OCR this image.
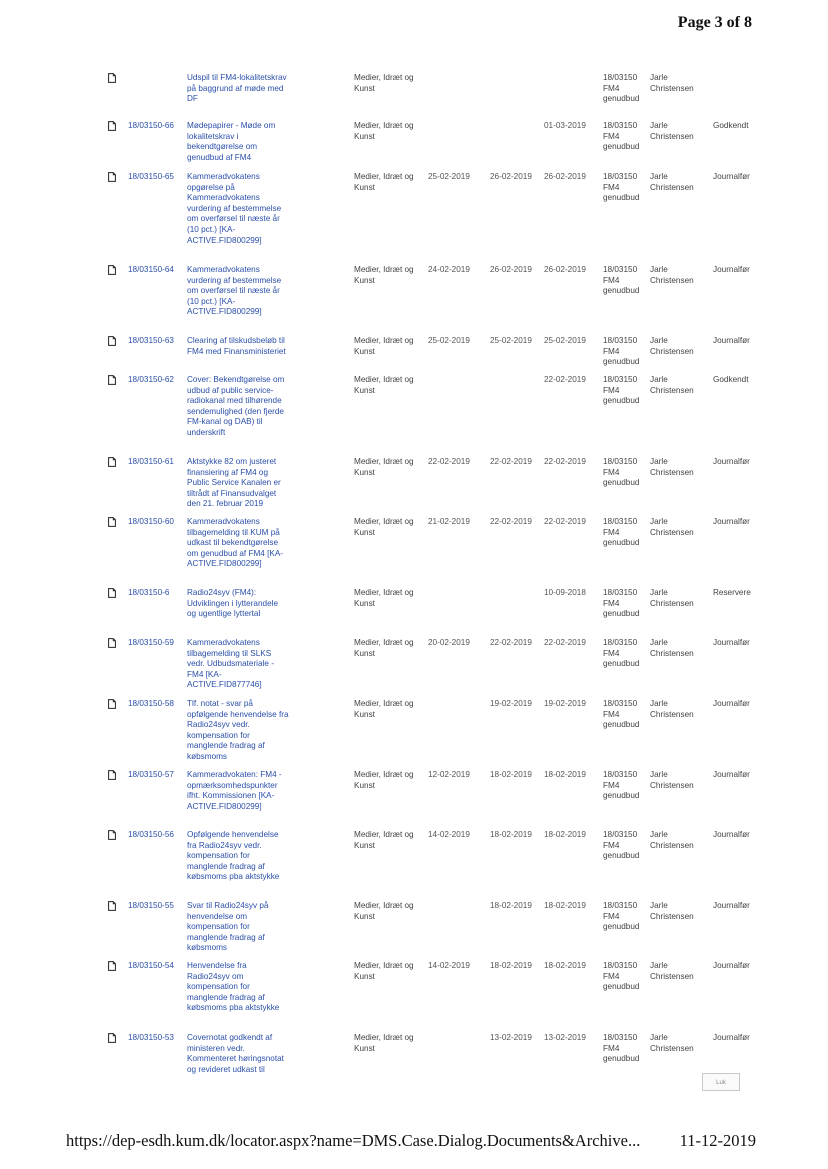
Page 3 of 8
Udspil til FM4-lokalitetskrav på baggrund af møde med DF
Medier, Idræt og Kunst
18/03150 FM4 genudbud
Jarle Christensen
18/03150-66 Mødepapirer - Møde om lokalitetskrav i bekendtgørelse om genudbud af FM4
Medier, Idræt og Kunst
01-03-2019 18/03150 FM4 genudbud
Jarle Christensen
Godkendt
18/03150-65 Kammeradvokatens opgørelse på Kammeradvokatens vurdering af bestemmelse om overførsel til næste år (10 pct.) [KA-ACTIVE.FID800299]
Medier, Idræt og Kunst
25-02-2019 26-02-2019 26-02-2019 18/03150 FM4 genudbud
Jarle Christensen
Journalfør
18/03150-64 Kammeradvokatens vurdering af bestemmelse om overførsel til næste år (10 pct.) [KA-ACTIVE.FID800299]
Medier, Idræt og Kunst
24-02-2019 26-02-2019 26-02-2019 18/03150 FM4 genudbud
Jarle Christensen
Journalfør
18/03150-63 Clearing af tilskudsbeløb til FM4 med Finansministeriet
Medier, Idræt og Kunst
25-02-2019 25-02-2019 25-02-2019 18/03150 FM4 genudbud
Jarle Christensen
Journalfør
18/03150-62 Cover: Bekendtgørelse om udbud af public service-radiokanal med tilhørende sendemulighed (den fjerde FM-kanal og DAB) til underskrift
Medier, Idræt og Kunst
22-02-2019 18/03150 FM4 genudbud
Jarle Christensen
Godkendt
18/03150-61 Aktstykke 82 om justeret finansiering af FM4 og Public Service Kanalen er tiltrådt af Finansudvalget den 21. februar 2019
Medier, Idræt og Kunst
22-02-2019 22-02-2019 22-02-2019 18/03150 FM4 genudbud
Jarle Christensen
Journalfør
18/03150-60 Kammeradvokatens tilbagemelding til KUM på udkast til bekendtgørelse om genudbud af FM4 [KA-ACTIVE.FID800299]
Medier, Idræt og Kunst
21-02-2019 22-02-2019 22-02-2019 18/03150 FM4 genudbud
Jarle Christensen
Journalfør
18/03150-6 Radio24syv (FM4): Udviklingen i lytterandele og ugentlige lyttertal
Medier, Idræt og Kunst
10-09-2018 18/03150 FM4 genudbud
Jarle Christensen
Reservere
18/03150-59 Kammeradvokatens tilbagemelding til SLKS vedr. Udbudsmateriale - FM4 [KA-ACTIVE.FID877746]
Medier, Idræt og Kunst
20-02-2019 22-02-2019 22-02-2019 18/03150 FM4 genudbud
Jarle Christensen
Journalfør
18/03150-58 Tlf. notat - svar på opfølgende henvendelse fra Radio24syv vedr. kompensation for manglende fradrag af købsmoms
Medier, Idræt og Kunst
19-02-2019 19-02-2019 18/03150 FM4 genudbud
Jarle Christensen
Journalfør
18/03150-57 Kammeradvokaten: FM4 - opmærksomhedspunkter ifht. Kommissionen [KA-ACTIVE.FID800299]
Medier, Idræt og Kunst
12-02-2019 18-02-2019 18-02-2019 18/03150 FM4 genudbud
Jarle Christensen
Journalfør
18/03150-56 Opfølgende henvendelse fra Radio24syv vedr. kompensation for manglende fradrag af købsmoms pba aktstykke
Medier, Idræt og Kunst
14-02-2019 18-02-2019 18-02-2019 18/03150 FM4 genudbud
Jarle Christensen
Journalfør
18/03150-55 Svar til Radio24syv på henvendelse om kompensation for manglende fradrag af købsmoms
Medier, Idræt og Kunst
18-02-2019 18-02-2019 18/03150 FM4 genudbud
Jarle Christensen
Journalfør
18/03150-54 Henvendelse fra Radio24syv om kompensation for manglende fradrag af købsmoms pba aktstykke
Medier, Idræt og Kunst
14-02-2019 18-02-2019 18-02-2019 18/03150 FM4 genudbud
Jarle Christensen
Journalfør
18/03150-53 Covernotat godkendt af ministeren vedr. Kommenteret høringsnotat og revideret udkast til
Medier, Idræt og Kunst
13-02-2019 13-02-2019 18/03150 FM4 genudbud
Jarle Christensen
Journalfør
Luk
https://dep-esdh.kum.dk/locator.aspx?name=DMS.Case.Dialog.Documents&Archive... 11-12-2019
